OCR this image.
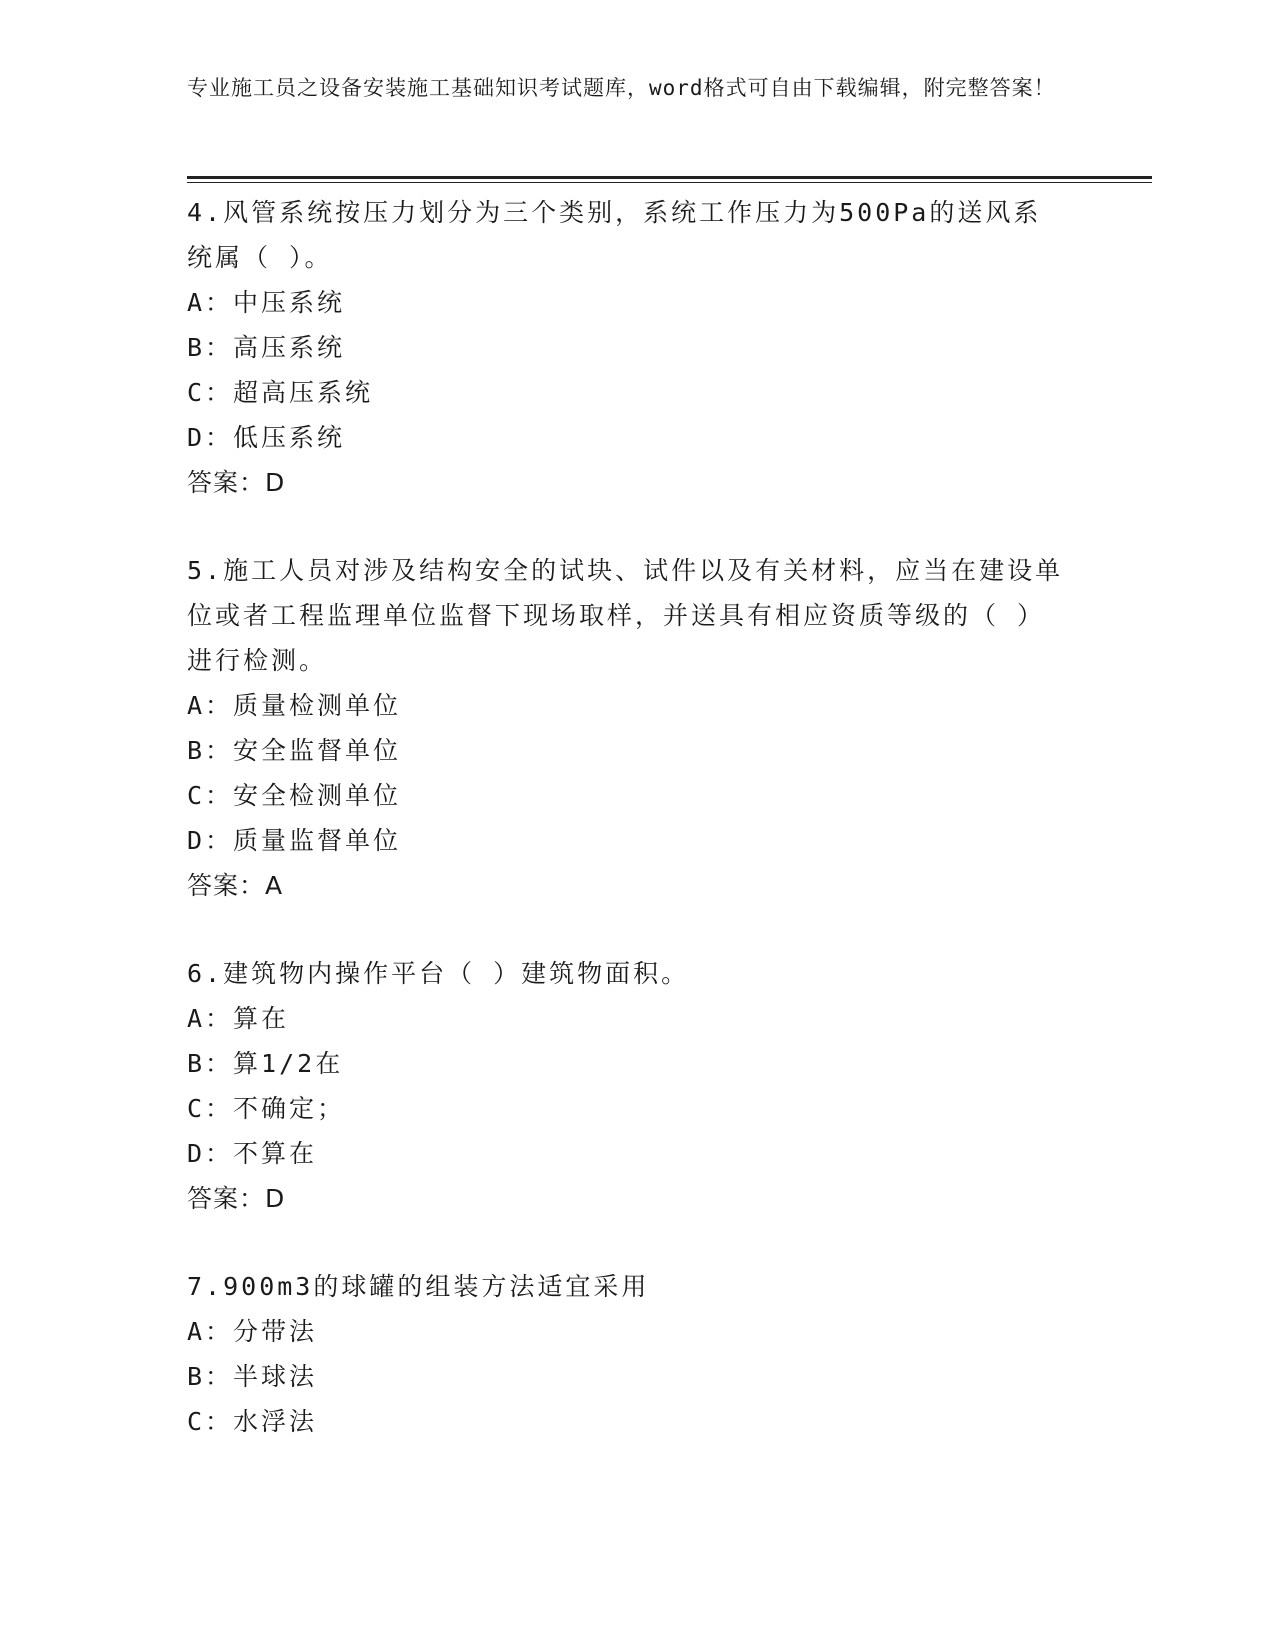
专业施工员之设备安装施工基础知识考试题库，word格式可自由下载编辑，附完整答案！
4.风管系统按压力划分为三个类别，系统工作压力为500Pa的送风系统属（ ）。
A：中压系统
B：高压系统
C：超高压系统
D：低压系统
答案：D
5.施工人员对涉及结构安全的试块、试件以及有关材料，应当在建设单位或者工程监理单位监督下现场取样，并送具有相应资质等级的（ ）进行检测。
A：质量检测单位
B：安全监督单位
C：安全检测单位
D：质量监督单位
答案：A
6.建筑物内操作平台（ ）建筑物面积。
A：算在
B：算1/2在
C：不确定；
D：不算在
答案：D
7.900m3的球罐的组装方法适宜采用
A：分带法
B：半球法
C：水浮法
